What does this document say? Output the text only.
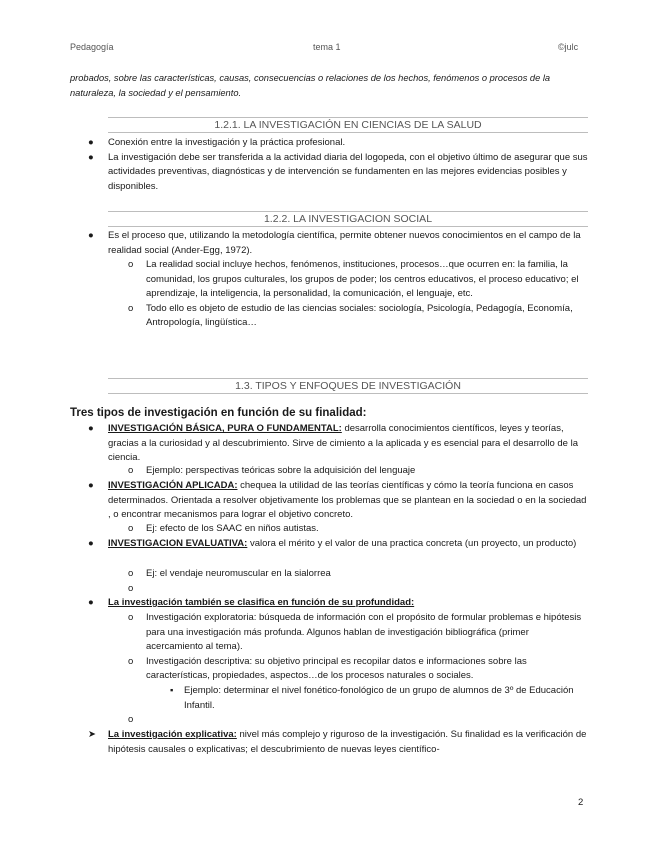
Pedagogía	tema 1	©julc
probados, sobre las características, causas, consecuencias o relaciones de los hechos, fenómenos o procesos de la naturaleza, la sociedad y el pensamiento.
1.2.1. LA INVESTIGACIÓN EN CIENCIAS DE LA SALUD
● Conexión entre la investigación y la práctica profesional.
● La investigación debe ser transferida a la actividad diaria del logopeda, con el objetivo último de asegurar que sus actividades preventivas, diagnósticas y de intervención se fundamenten en las mejores evidencias posibles y disponibles.
1.2.2. LA INVESTIGACION SOCIAL
● Es el proceso que, utilizando la metodología científica, permite obtener nuevos conocimientos en el campo de la realidad social (Ander-Egg, 1972).
o La realidad social incluye hechos, fenómenos, instituciones, procesos…que ocurren en: la familia, la comunidad, los grupos culturales, los grupos de poder; los centros educativos, el proceso educativo; el aprendizaje, la inteligencia, la personalidad, la comunicación, el lenguaje, etc.
o Todo ello es objeto de estudio de las ciencias sociales: sociología, Psicología, Pedagogía, Economía, Antropología, lingüística…
1.3. TIPOS Y ENFOQUES DE INVESTIGACIÓN
Tres tipos de investigación en función de su finalidad:
● INVESTIGACIÓN BÁSICA, PURA O FUNDAMENTAL: desarrolla conocimientos científicos, leyes y teorías, gracias a la curiosidad y al descubrimiento. Sirve de cimiento a la aplicada y es esencial para el desarrollo de la ciencia.
o Ejemplo: perspectivas teóricas sobre la adquisición del lenguaje
● INVESTIGACIÓN APLICADA: chequea la utilidad de las teorías científicas y cómo la teoría funciona en casos determinados. Orientada a resolver objetivamente los problemas que se plantean en la sociedad o en la sociedad , o encontrar mecanismos para lograr el objetivo concreto.
o Ej: efecto de los SAAC en niños autistas.
● INVESTIGACION EVALUATIVA: valora el mérito y el valor de una practica concreta (un proyecto, un producto)
o Ej: el vendaje neuromuscular en la sialorrea
o
● La investigación también se clasifica en función de su profundidad:
o Investigación exploratoria: búsqueda de información con el propósito de formular problemas e hipótesis para una investigación más profunda. Algunos hablan de investigación bibliográfica (primer acercamiento al tema).
o Investigación descriptiva: su objetivo principal es recopilar datos e informaciones sobre las características, propiedades, aspectos…de los procesos naturales o sociales.
▪ Ejemplo: determinar el nivel fonético-fonológico de un grupo de alumnos de 3º de Educación Infantil.
o
➤ La investigación explicativa: nivel más complejo y riguroso de la investigación. Su finalidad es la verificación de hipótesis causales o explicativas; el descubrimiento de nuevas leyes científico-
2
